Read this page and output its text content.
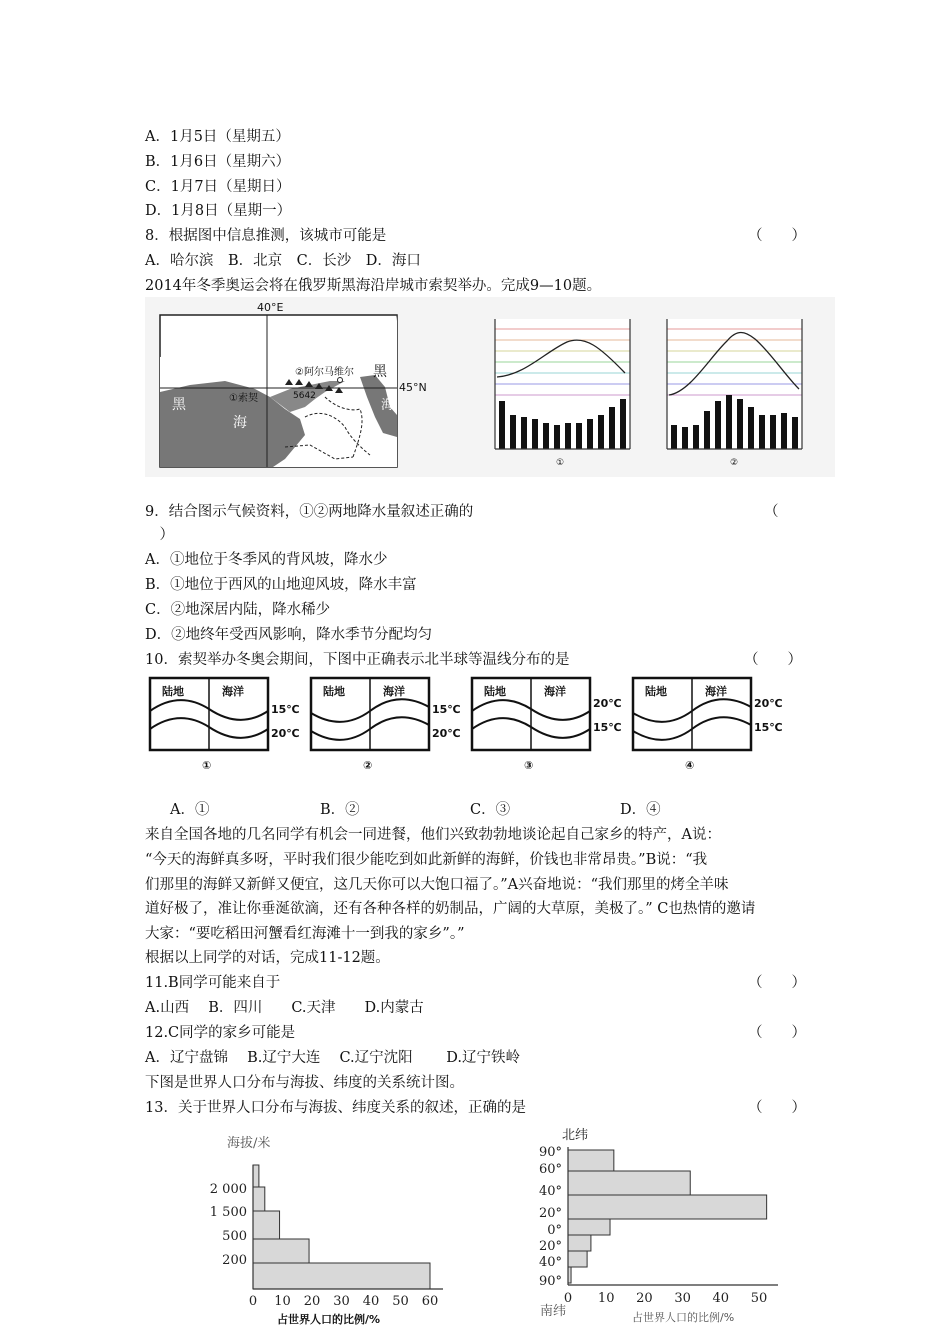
A．1月5日（星期五）
B．1月6日（星期六）
C．1月7日（星期日）
D．1月8日（星期一）
8．根据图中信息推测，该城市可能是
A．哈尔滨　B．北京　C．长沙　D．海口
2014年冬季奥运会将在俄罗斯黑海沿岸城市索契举办。完成9—10题。
9．结合图示气候资料，①②两地降水量叙述正确的
　）
A．①地位于冬季风的背风坡，降水少
B．①地位于西风的山地迎风坡，降水丰富
C．②地深居内陆，降水稀少
D．②地终年受西风影响，降水季节分配均匀
10．索契举办冬奥会期间，下图中正确表示北半球等温线分布的是
来自全国各地的几名同学有机会一同进餐，他们兴致勃勃地谈论起自己家乡的特产，A说：
“今天的海鲜真多呀，平时我们很少能吃到如此新鲜的海鲜，价钱也非常昂贵。”B说：“我
们那里的海鲜又新鲜又便宜，这几天你可以大饱口福了。”A兴奋地说：“我们那里的烤全羊味
道好极了，准让你垂涎欲滴，还有各种各样的奶制品，广阔的大草原，美极了。” C也热情的邀请
大家：“要吃稻田河蟹看红海滩十一到我的家乡”。”
根据以上同学的对话，完成11-12题。
11.B同学可能来自于
A.山西　 B．四川　　C.天津　　D.内蒙古
12.C同学的家乡可能是
A．辽宁盘锦　 B.辽宁大连　 C.辽宁沈阳　　 D.辽宁铁岭
下图是世界人口分布与海拔、纬度的关系统计图。
13．关于世界人口分布与海拔、纬度关系的叙述，正确的是
（　　）
（
（　　）
（　　）
（　　）
（　　）
40°E
45°N
黑
海
黑
海
①索契
②阿尔马维尔
5642
①	②
陆地	海洋
15℃
20℃
①
陆地	海洋
15℃
20℃
②
陆地	海洋
20℃
15℃
③
陆地	海洋
20℃
15℃
④
A．①	B．②	C．③	D．④
海拔/米
2 000
1 500
500
200
0 10 20 30 40 50 60
占世界人口的比例/%
北纬
90°
60°
40°
20°
0°
20°
40°
90°
0 10 20 30 40 50
南纬	占世界人口的比例/%
